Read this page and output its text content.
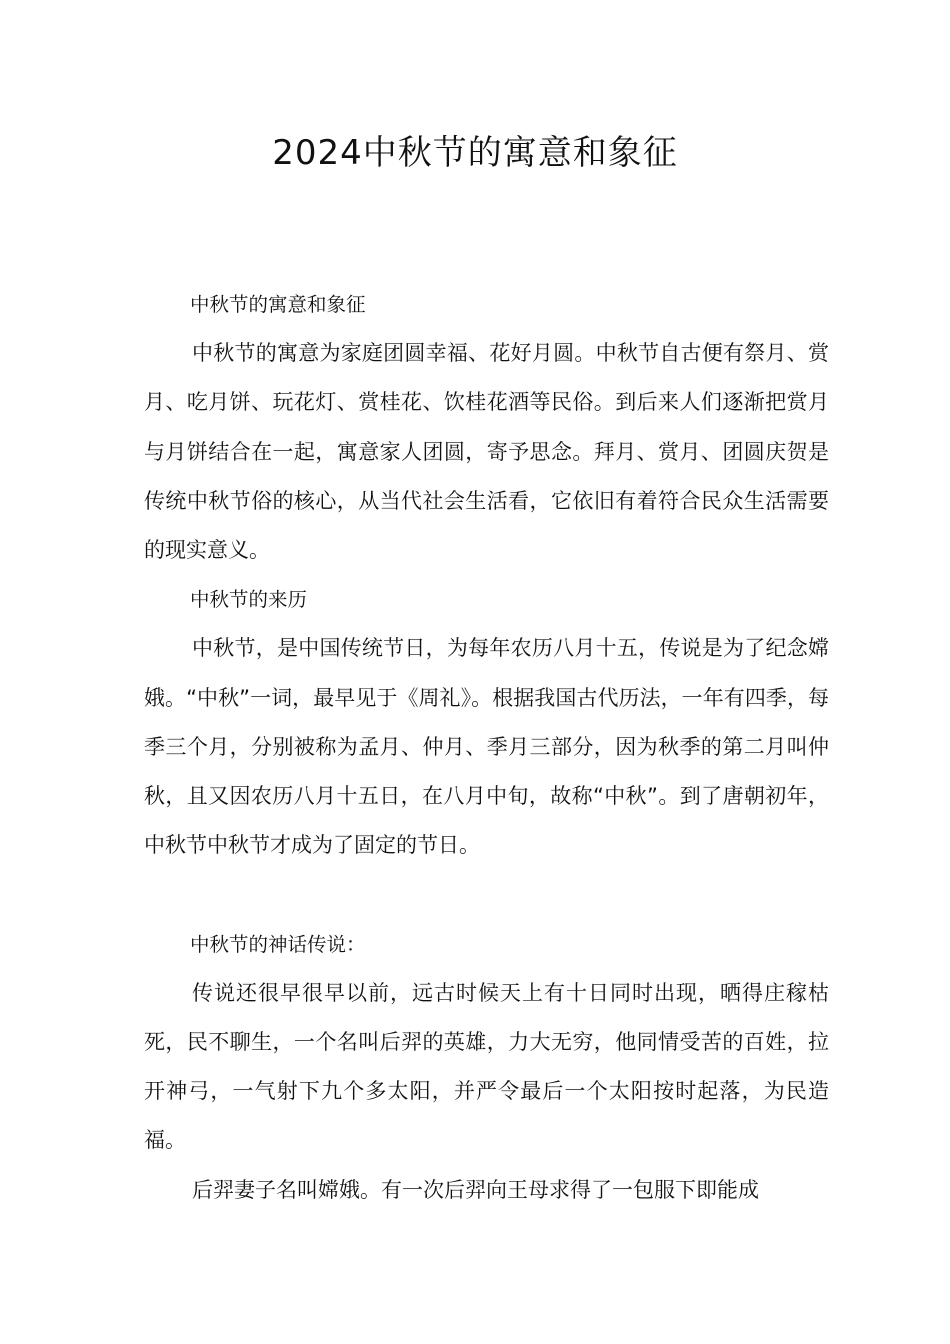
2024中秋节的寓意和象征
中秋节的寓意和象征

中秋节的寓意为家庭团圆幸福、花好月圆。中秋节自古便有祭月、赏月、吃月饼、玩花灯、赏桂花、饮桂花酒等民俗。到后来人们逐渐把赏月与月饼结合在一起，寓意家人团圆，寄予思念。拜月、赏月、团圆庆贺是传统中秋节俗的核心，从当代社会生活看，它依旧有着符合民众生活需要的现实意义。

中秋节的来历

中秋节，是中国传统节日，为每年农历八月十五，传说是为了纪念嫦娥。“中秋”一词，最早见于《周礼》。根据我国古代历法，一年有四季，每季三个月，分别被称为孟月、仲月、季月三部分，因为秋季的第二月叫仲秋，且又因农历八月十五日，在八月中旬，故称“中秋”。到了唐朝初年，中秋节中秋节才成为了固定的节日。

中秋节的神话传说：

传说还很早很早以前，远古时候天上有十日同时出现，晒得庄稼枯死，民不聊生，一个名叫后羿的英雄，力大无穷，他同情受苦的百姓，拉开神弓，一气射下九个多太阳，并严令最后一个太阳按时起落，为民造福。

后羿妻子名叫嫦娥。有一次后羿向王母求得了一包服下即能成
